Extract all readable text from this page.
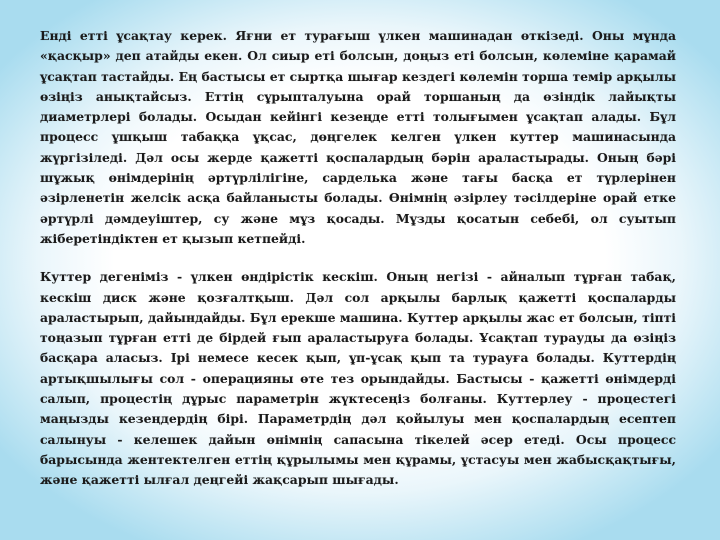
Енді етті ұсақтау керек. Яғни ет турағыш үлкен машинадан өткізеді. Оны мұнда «қасқыр» деп атайды екен. Ол сиыр еті болсын, доңыз еті болсын, көлеміне қарамай ұсақтап тастайды. Ең бастысы ет сыртқа шығар кездегі көлемін торша темір арқылы өзіңіз анықтайсыз. Еттің сұрыпталуына орай торшаның да өзіндік лайықты диаметрлері болады. Осыдан кейінгі кезеңде етті толығымен ұсақтап алады. Бұл процесс ұшқыш табаққа ұқсас, дөңгелек келген үлкен куттер машинасында жүргізіледі. Дәл осы жерде қажетті қоспалардың бәрін араластырады. Оның бәрі шұжық өнімдерінің әртүрлілігіне, сарделька және тағы басқа ет түрлерінен әзірленетін желсік асқа байланысты болады. Өнімнің әзірлеу тәсілдеріне орай етке әртүрлі дәмдеуіштер, су және мұз қосады. Мұзды қосатын себебі, ол суытып жіберетіндіктен ет қызып кетпейді.

Куттер дегеніміз - үлкен өндірістік кескіш. Оның негізі - айналып тұрған табақ, кескіш диск және қозғалтқыш. Дәл сол арқылы барлық қажетті қоспаларды араластырып, дайындайды. Бұл ерекше машина. Куттер арқылы жас ет болсын, тіпті тоңазып тұрған етті де бірдей ғып араластыруға болады. Ұсақтап турауды да өзіңіз басқара аласыз. Ірі немесе кесек қып, ұп-ұсақ қып та турауға болады. Куттердің артықшылығы сол - операцияны өте тез орындайды. Бастысы - қажетті өнімдерді салып, процестің дұрыс параметрін жүктесеңіз болғаны. Куттерлеу - процестегі маңызды кезеңдердің бірі. Параметрдің дәл қойылуы мен қоспалардың есептеп салынуы - келешек дайын өнімнің сапасына тікелей әсер етеді. Осы процесс барысында жентектелген еттің құрылымы мен құрамы, ұстасуы мен жабысқақтығы, және қажетті ылғал деңгейі жақсарып шығады.
